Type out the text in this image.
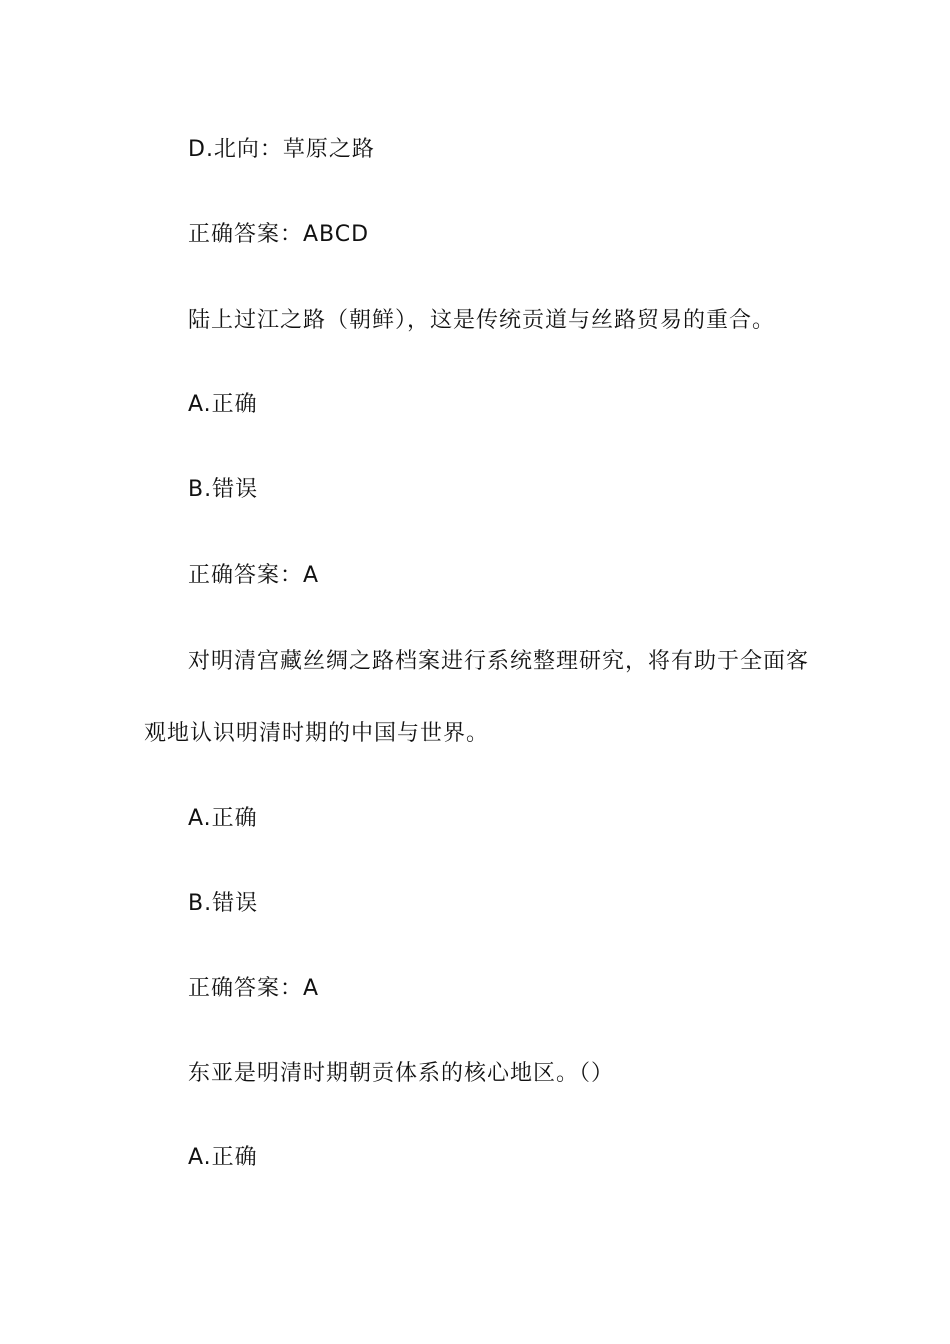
D.北向：草原之路
正确答案：ABCD
陆上过江之路（朝鲜），这是传统贡道与丝路贸易的重合。
A.正确
B.错误
正确答案：A
对明清宫藏丝绸之路档案进行系统整理研究，将有助于全面客
观地认识明清时期的中国与世界。
A.正确
B.错误
正确答案：A
东亚是明清时期朝贡体系的核心地区。（）
A.正确
